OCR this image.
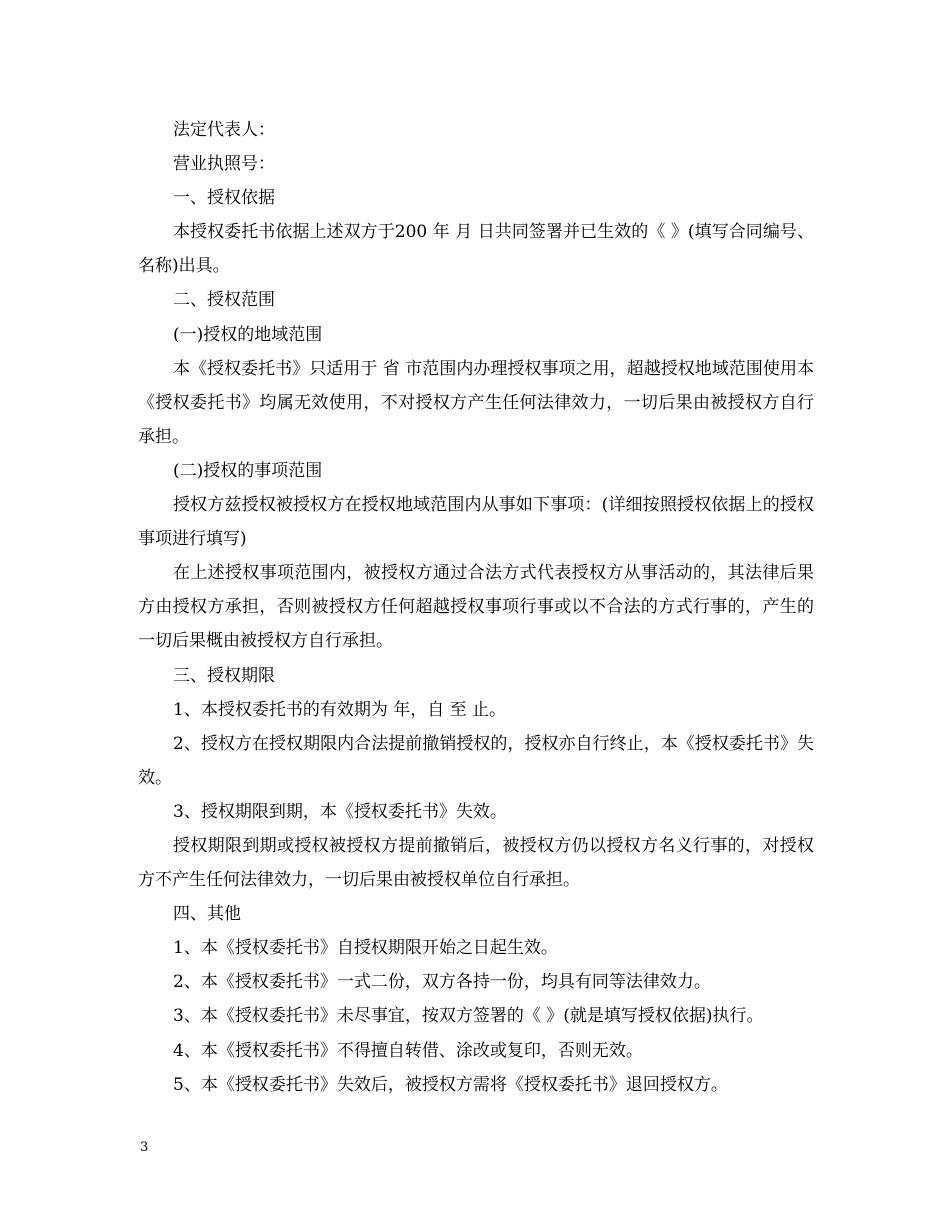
法定代表人：

营业执照号：

一、授权依据

本授权委托书依据上述双方于200 年 月 日共同签署并已生效的《 》(填写合同编号、名称)出具。

二、授权范围

(一)授权的地域范围

本《授权委托书》只适用于 省 市范围内办理授权事项之用，超越授权地域范围使用本《授权委托书》均属无效使用，不对授权方产生任何法律效力，一切后果由被授权方自行承担。

(二)授权的事项范围

授权方兹授权被授权方在授权地域范围内从事如下事项：(详细按照授权依据上的授权事项进行填写)

在上述授权事项范围内，被授权方通过合法方式代表授权方从事活动的，其法律后果方由授权方承担，否则被授权方任何超越授权事项行事或以不合法的方式行事的，产生的一切后果概由被授权方自行承担。

三、授权期限

1、本授权委托书的有效期为 年，自 至 止。

2、授权方在授权期限内合法提前撤销授权的，授权亦自行终止，本《授权委托书》失效。

3、授权期限到期，本《授权委托书》失效。

授权期限到期或授权被授权方提前撤销后，被授权方仍以授权方名义行事的，对授权方不产生任何法律效力，一切后果由被授权单位自行承担。

四、其他

1、本《授权委托书》自授权期限开始之日起生效。

2、本《授权委托书》一式二份，双方各持一份，均具有同等法律效力。

3、本《授权委托书》未尽事宜，按双方签署的《 》(就是填写授权依据)执行。

4、本《授权委托书》不得擅自转借、涂改或复印，否则无效。

5、本《授权委托书》失效后，被授权方需将《授权委托书》退回授权方。

3
